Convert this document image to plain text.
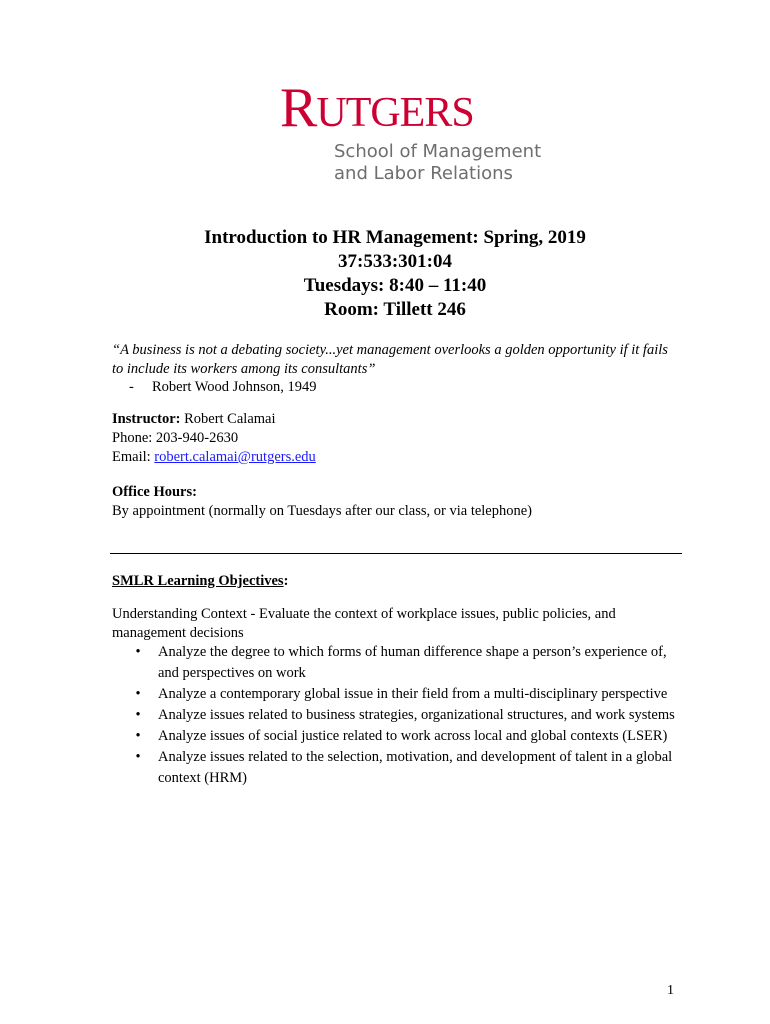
RUTGERS
School of Management
and Labor Relations
Introduction to HR Management: Spring, 2019
37:533:301:04
Tuesdays: 8:40 – 11:40
Room: Tillett 246
“A business is not a debating society...yet management overlooks a golden opportunity if it fails to include its workers among its consultants”
-     Robert Wood Johnson, 1949
Instructor: Robert Calamai
Phone: 203-940-2630
Email: robert.calamai@rutgers.edu
Office Hours:
By appointment (normally on Tuesdays after our class, or via telephone)
SMLR Learning Objectives:
Understanding Context - Evaluate the context of workplace issues, public policies, and management decisions
• Analyze the degree to which forms of human difference shape a person’s experience of, and perspectives on work
• Analyze a contemporary global issue in their field from a multi-disciplinary perspective
• Analyze issues related to business strategies, organizational structures, and work systems
• Analyze issues of social justice related to work across local and global contexts (LSER)
• Analyze issues related to the selection, motivation, and development of talent in a global context (HRM)
1
